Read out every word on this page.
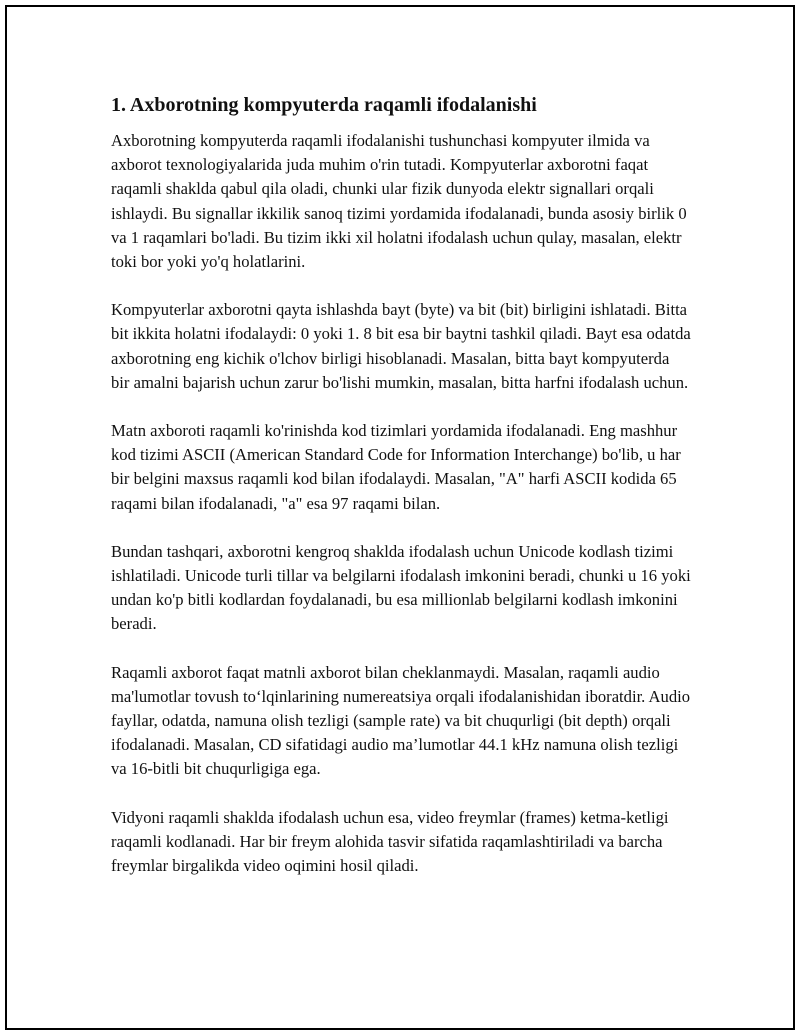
1. Axborotning kompyuterda raqamli ifodalanishi

Axborotning kompyuterda raqamli ifodalanishi tushunchasi kompyuter ilmida va axborot texnologiyalarida juda muhim o'rin tutadi. Kompyuterlar axborotni faqat raqamli shaklda qabul qila oladi, chunki ular fizik dunyoda elektr signallari orqali ishlaydi. Bu signallar ikkilik sanoq tizimi yordamida ifodalanadi, bunda asosiy birlik 0 va 1 raqamlari bo'ladi. Bu tizim ikki xil holatni ifodalash uchun qulay, masalan, elektr toki bor yoki yo'q holatlarini.

Kompyuterlar axborotni qayta ishlashda bayt (byte) va bit (bit) birligini ishlatadi. Bitta bit ikkita holatni ifodalaydi: 0 yoki 1. 8 bit esa bir baytni tashkil qiladi. Bayt esa odatda axborotning eng kichik o'lchov birligi hisoblanadi. Masalan, bitta bayt kompyuterda bir amalni bajarish uchun zarur bo'lishi mumkin, masalan, bitta harfni ifodalash uchun.

Matn axboroti raqamli ko'rinishda kod tizimlari yordamida ifodalanadi. Eng mashhur kod tizimi ASCII (American Standard Code for Information Interchange) bo'lib, u har bir belgini maxsus raqamli kod bilan ifodalaydi. Masalan, "A" harfi ASCII kodida 65 raqami bilan ifodalanadi, "a" esa 97 raqami bilan.

Bundan tashqari, axborotni kengroq shaklda ifodalash uchun Unicode kodlash tizimi ishlatiladi. Unicode turli tillar va belgilarni ifodalash imkonini beradi, chunki u 16 yoki undan ko'p bitli kodlardan foydalanadi, bu esa millionlab belgilarni kodlash imkonini beradi.

Raqamli axborot faqat matnli axborot bilan cheklanmaydi. Masalan, raqamli audio ma'lumotlar tovush to‘lqinlarining numereatsiya orqali ifodalanishidan iboratdir. Audio fayllar, odatda, namuna olish tezligi (sample rate) va bit chuqurligi (bit depth) orqali ifodalanadi. Masalan, CD sifatidagi audio ma’lumotlar 44.1 kHz namuna olish tezligi va 16-bitli bit chuqurligiga ega.

Vidyoni raqamli shaklda ifodalash uchun esa, video freymlar (frames) ketma-ketligi raqamli kodlanadi. Har bir freym alohida tasvir sifatida raqamlashtiriladi va barcha freymlar birgalikda video oqimini hosil qiladi.
